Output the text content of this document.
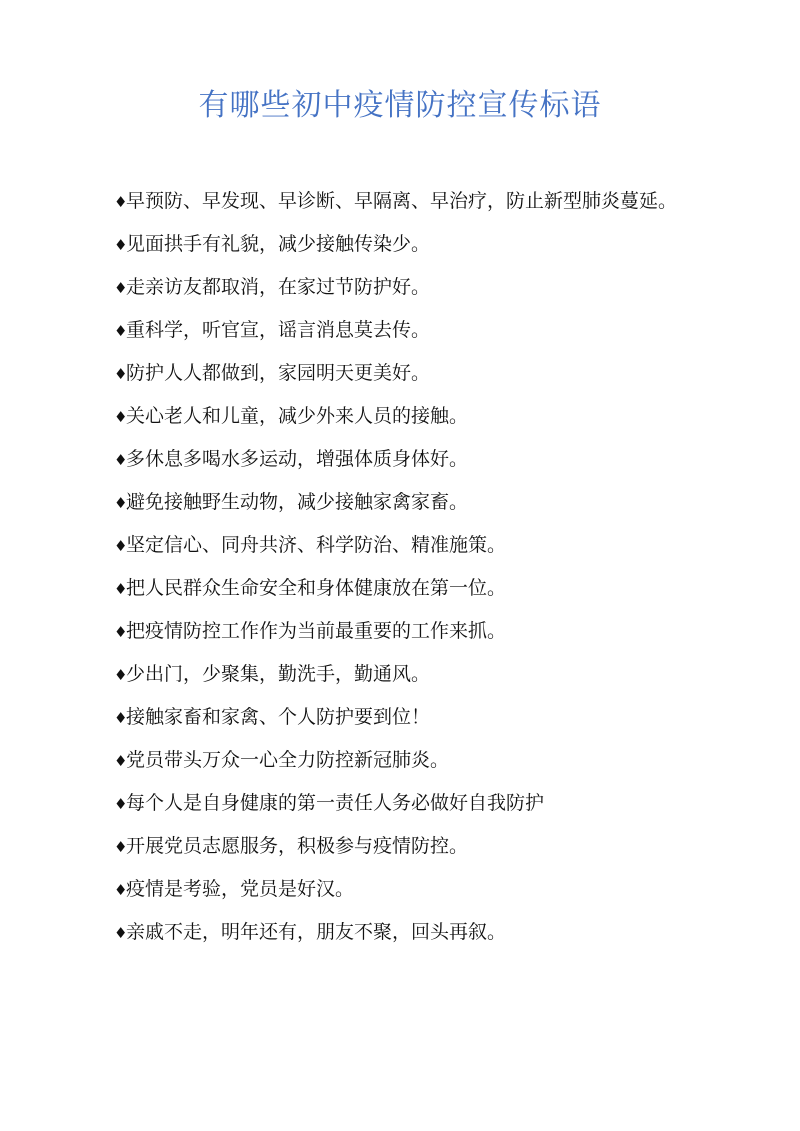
有哪些初中疫情防控宣传标语
♦早预防、早发现、早诊断、早隔离、早治疗，防止新型肺炎蔓延。
♦见面拱手有礼貌，减少接触传染少。
♦走亲访友都取消，在家过节防护好。
♦重科学，听官宣，谣言消息莫去传。
♦防护人人都做到，家园明天更美好。
♦关心老人和儿童，减少外来人员的接触。
♦多休息多喝水多运动，增强体质身体好。
♦避免接触野生动物，减少接触家禽家畜。
♦坚定信心、同舟共济、科学防治、精准施策。
♦把人民群众生命安全和身体健康放在第一位。
♦把疫情防控工作作为当前最重要的工作来抓。
♦少出门，少聚集，勤洗手，勤通风。
♦接触家畜和家禽、个人防护要到位！
♦党员带头万众一心全力防控新冠肺炎。
♦每个人是自身健康的第一责任人务必做好自我防护
♦开展党员志愿服务，积极参与疫情防控。
♦疫情是考验，党员是好汉。
♦亲戚不走，明年还有，朋友不聚，回头再叙。
